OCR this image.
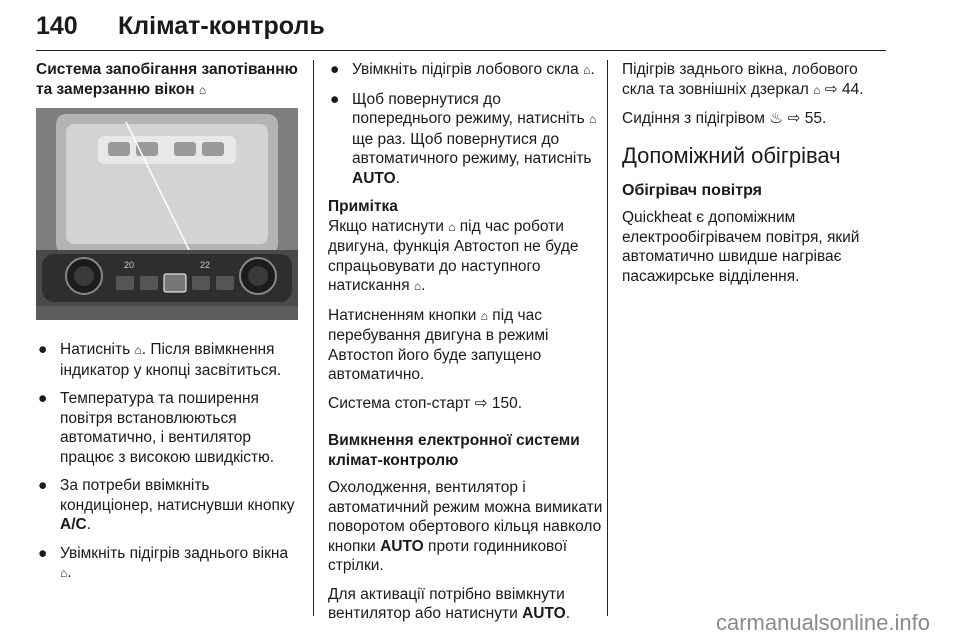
140 Клімат-контроль
Система запобігання запотіванню
та замерзанню вікон ⌂
20	22
● Натисніть ⌂. Після ввімкнення індикатор у кнопці засвітиться.
● Температура та поширення повітря встановлюються автоматично, і вентилятор працює з високою швидкістю.
● За потреби ввімкніть кондиціонер, натиснувши кнопку A/C.
● Увімкніть підігрів заднього вікна ⌂.
● Увімкніть підігрів лобового скла ⌂.
● Щоб повернутися до попереднього режиму, натисніть ⌂ ще раз. Щоб повернутися до автоматичного режиму, натисніть AUTO.
Примітка

Якщо натиснути ⌂ під час роботи двигуна, функція Автостоп не буде спрацьовувати до наступного натискання ⌂.

Натисненням кнопки ⌂ під час перебування двигуна в режимі Автостоп його буде запущено автоматично.

Система стоп-старт ⇨ 150.

Вимкнення електронної системи клімат-контролю

Охолодження, вентилятор і автоматичний режим можна вимикати поворотом обертового кільця навколо кнопки AUTO проти годинникової стрілки.

Для активації потрібно ввімкнути вентилятор або натиснути AUTO.

Підігрів заднього вікна, лобового скла та зовнішніх дзеркал ⌂ ⇨ 44.

Сидіння з підігрівом ♨ ⇨ 55.

Допоміжний обігрівач
Обігрівач повітря

Quickheat є допоміжним електрообігрівачем повітря, який автоматично швидше нагріває пасажирське відділення.

carmanualsonline.info
